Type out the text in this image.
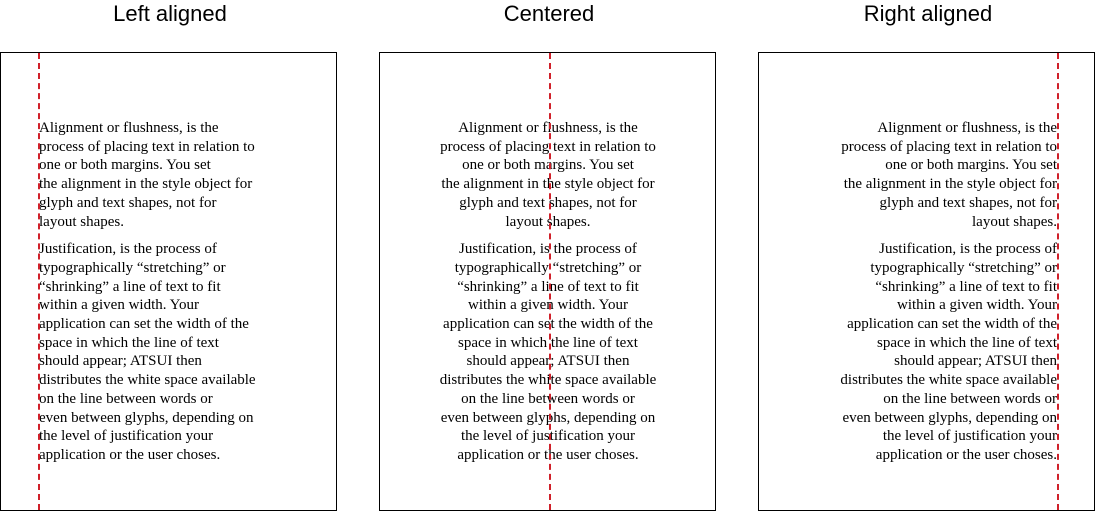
Left aligned

Alignment or flushness, is the
process of placing text in relation to
one or both margins. You set
the alignment in the style object for
glyph and text shapes, not for
layout shapes.

Justification, is the process of
typographically “stretching” or
“shrinking” a line of text to fit
within a given width. Your
application can set the width of the
space in which the line of text
should appear; ATSUI then
distributes the white space available
on the line between words or
even between glyphs, depending on
the level of justification your
application or the user choses.

Centered

Alignment or flushness, is the
process of placing text in relation to
one or both margins. You set
the alignment in the style object for
glyph and text shapes, not for
layout shapes.

Justification, is the process of
typographically “stretching” or
“shrinking” a line of text to fit
within a given width. Your
application can set the width of the
space in which the line of text
should appear; ATSUI then
distributes the white space available
on the line between words or
even between glyphs, depending on
the level of justification your
application or the user choses.

Right aligned

Alignment or flushness, is the
process of placing text in relation to
one or both margins. You set
the alignment in the style object for
glyph and text shapes, not for
layout shapes.

Justification, is the process of
typographically “stretching” or
“shrinking” a line of text to fit
within a given width. Your
application can set the width of the
space in which the line of text
should appear; ATSUI then
distributes the white space available
on the line between words or
even between glyphs, depending on
the level of justification your
application or the user choses.
